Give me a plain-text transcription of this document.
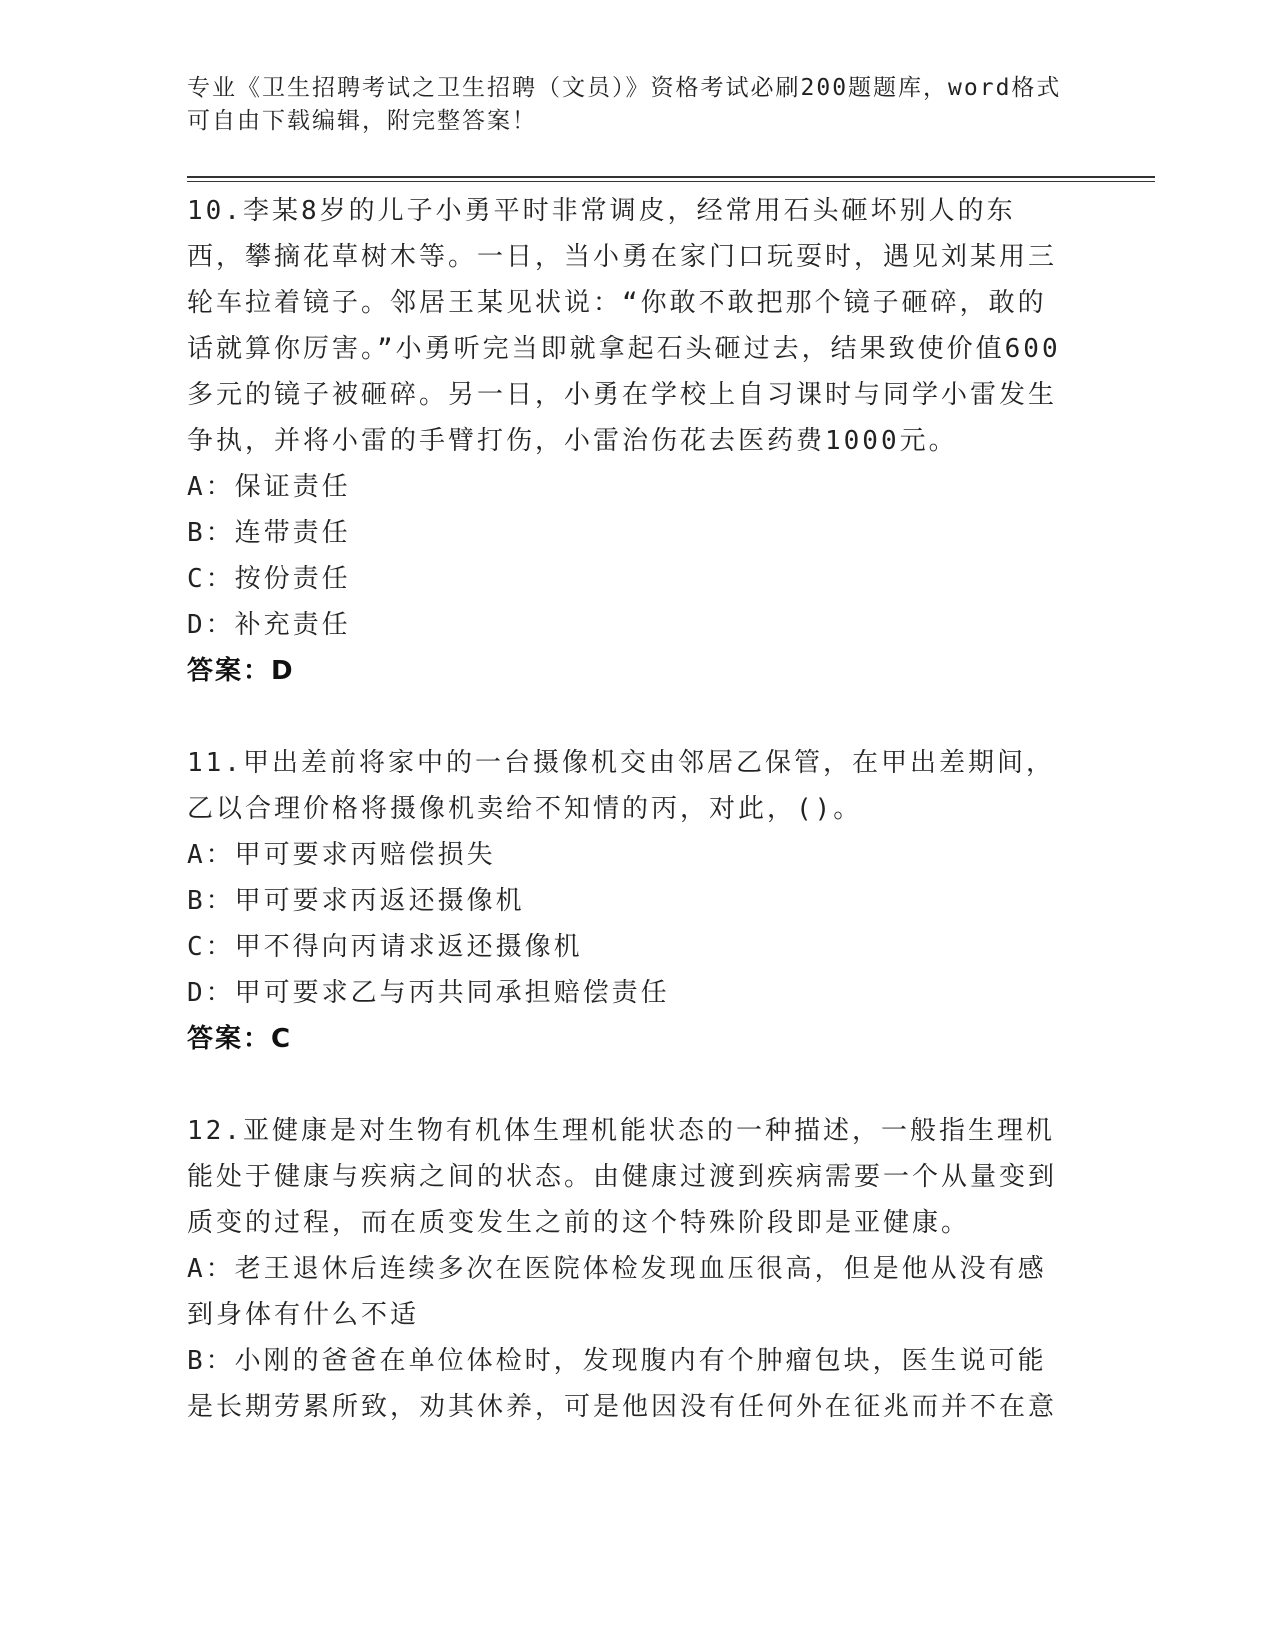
专业《卫生招聘考试之卫生招聘（文员）》资格考试必刷200题题库，word格式可自由下载编辑，附完整答案！

10.李某8岁的儿子小勇平时非常调皮，经常用石头砸坏别人的东西，攀摘花草树木等。一日，当小勇在家门口玩耍时，遇见刘某用三轮车拉着镜子。邻居王某见状说：“你敢不敢把那个镜子砸碎，敢的话就算你厉害。”小勇听完当即就拿起石头砸过去，结果致使价值600多元的镜子被砸碎。另一日，小勇在学校上自习课时与同学小雷发生争执，并将小雷的手臂打伤，小雷治伤花去医药费1000元。

A：保证责任

B：连带责任

C：按份责任

D：补充责任

答案：D

11.甲出差前将家中的一台摄像机交由邻居乙保管，在甲出差期间，乙以合理价格将摄像机卖给不知情的丙，对此，()。

A：甲可要求丙赔偿损失

B：甲可要求丙返还摄像机

C：甲不得向丙请求返还摄像机

D：甲可要求乙与丙共同承担赔偿责任

答案：C

12.亚健康是对生物有机体生理机能状态的一种描述，一般指生理机能处于健康与疾病之间的状态。由健康过渡到疾病需要一个从量变到质变的过程，而在质变发生之前的这个特殊阶段即是亚健康。

A：老王退休后连续多次在医院体检发现血压很高，但是他从没有感到身体有什么不适

B：小刚的爸爸在单位体检时，发现腹内有个肿瘤包块，医生说可能是长期劳累所致，劝其休养，可是他因没有任何外在征兆而并不在意
